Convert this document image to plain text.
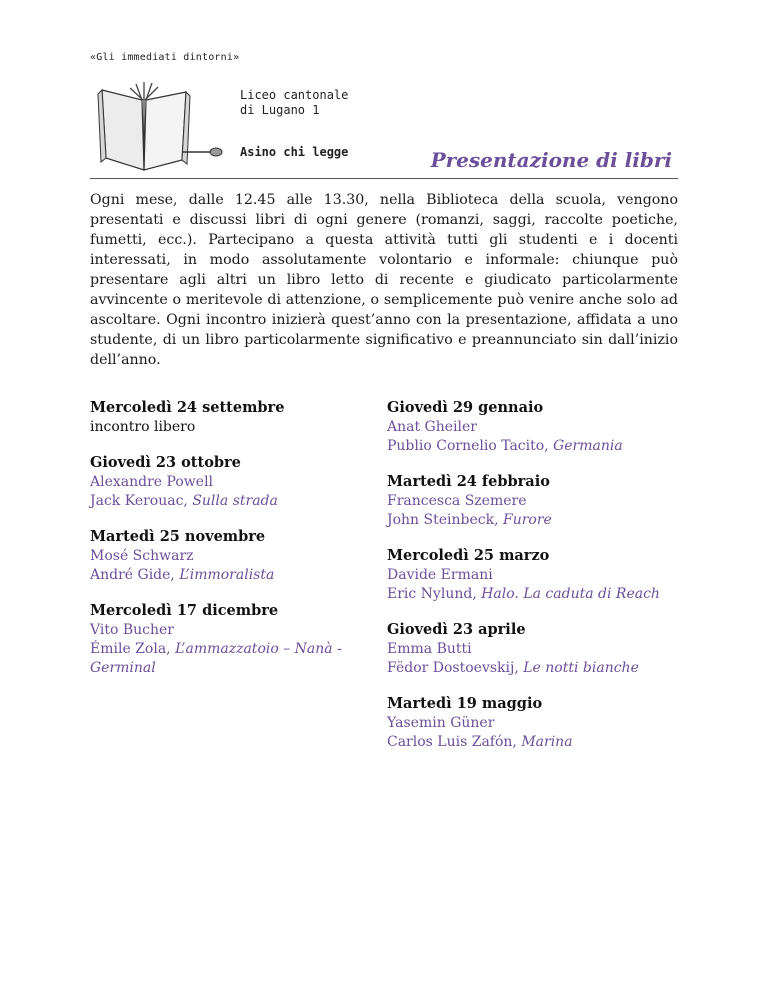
«Gli immediati dintorni»
Liceo cantonale
di Lugano 1
Asino chi legge	Presentazione di libri

Ogni mese, dalle 12.45 alle 13.30, nella Biblioteca della scuola, vengono presentati e discussi libri di ogni genere (romanzi, saggi, raccolte poetiche, fumetti, ecc.). Partecipano a questa attività tutti gli studenti e i docenti interessati, in modo assolutamente volontario e informale: chiunque può presentare agli altri un libro letto di recente e giudicato particolarmente avvincente o meritevole di attenzione, o semplicemente può venire anche solo ad ascoltare. Ogni incontro inizierà quest’anno con la presentazione, affidata a uno studente, di un libro particolarmente significativo e preannunciato sin dall’inizio dell’anno.

Mercoledì 24 settembre
incontro libero
Giovedì 23 ottobre
Alexandre Powell
Jack Kerouac, Sulla strada
Martedì 25 novembre
Mosé Schwarz
André Gide, L’immoralista
Mercoledì 17 dicembre
Vito Bucher
Émile Zola, L’ammazzatoio – Nanà - Germinal
Giovedì 29 gennaio
Anat Gheiler
Publio Cornelio Tacito, Germania
Martedì 24 febbraio
Francesca Szemere
John Steinbeck, Furore
Mercoledì 25 marzo
Davide Ermani
Eric Nylund, Halo. La caduta di Reach
Giovedì 23 aprile
Emma Butti
Fëdor Dostoevskij, Le notti bianche
Martedì 19 maggio
Yasemin Güner
Carlos Luis Zafón, Marina
